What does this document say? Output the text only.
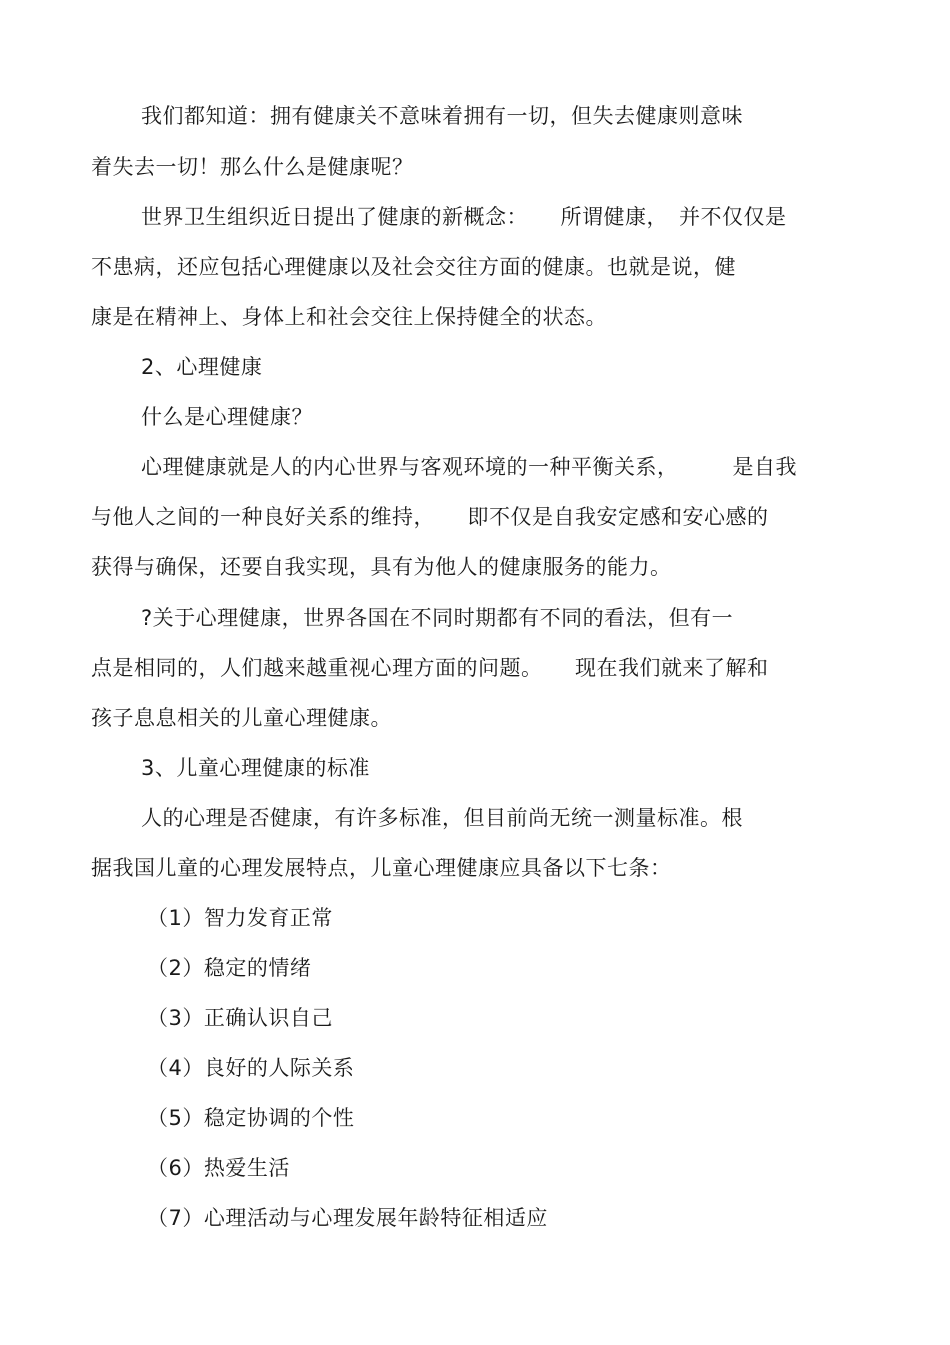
我们都知道：拥有健康关不意味着拥有一切，但失去健康则意味
着失去一切！那么什么是健康呢？
世界卫生组织近日提出了健康的新概念：　　所谓健康，　并不仅仅是
不患病，还应包括心理健康以及社会交往方面的健康。也就是说，健
康是在精神上、身体上和社会交往上保持健全的状态。
2、心理健康
什么是心理健康？
心理健康就是人的内心世界与客观环境的一种平衡关系，　　　是自我
与他人之间的一种良好关系的维持，　　即不仅是自我安定感和安心感的
获得与确保，还要自我实现，具有为他人的健康服务的能力。
?关于心理健康，世界各国在不同时期都有不同的看法，但有一
点是相同的，人们越来越重视心理方面的问题。　　现在我们就来了解和
孩子息息相关的儿童心理健康。
3、儿童心理健康的标准
人的心理是否健康，有许多标准，但目前尚无统一测量标准。根
据我国儿童的心理发展特点，儿童心理健康应具备以下七条：
（1）智力发育正常
（2）稳定的情绪
（3）正确认识自己
（4）良好的人际关系
（5）稳定协调的个性
（6）热爱生活
（7）心理活动与心理发展年龄特征相适应
